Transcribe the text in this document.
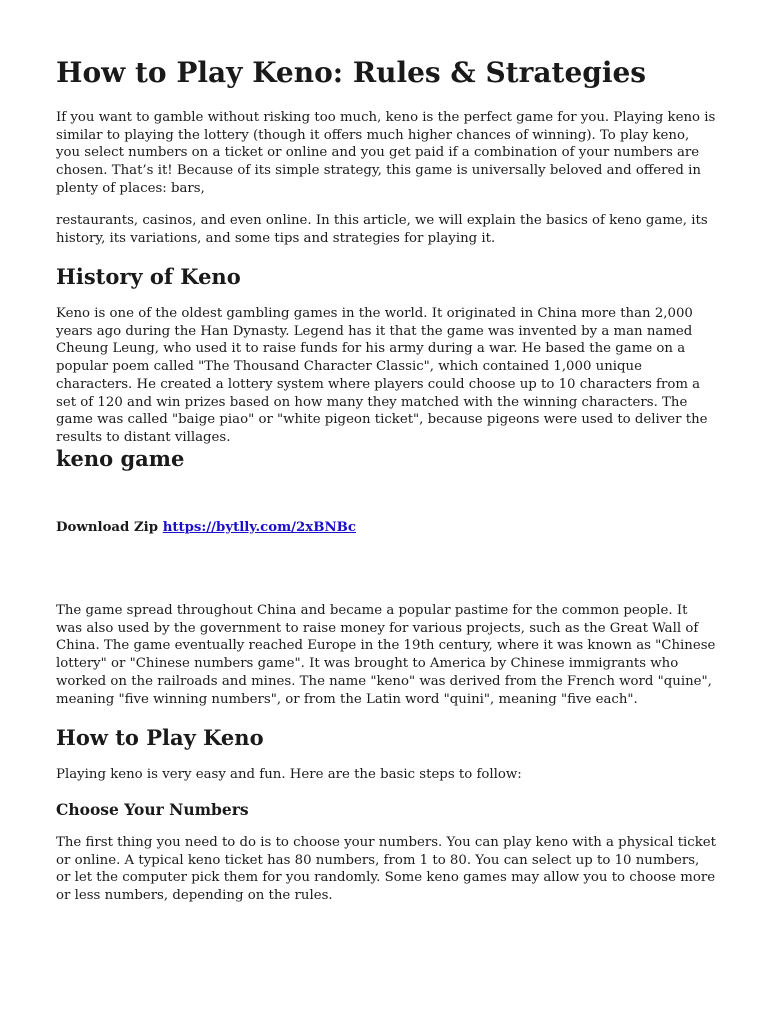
How to Play Keno: Rules & Strategies

If you want to gamble without risking too much, keno is the perfect game for you. Playing keno is similar to playing the lottery (though it offers much higher chances of winning). To play keno, you select numbers on a ticket or online and you get paid if a combination of your numbers are chosen. That’s it! Because of its simple strategy, this game is universally beloved and offered in plenty of places: bars,

restaurants, casinos, and even online. In this article, we will explain the basics of keno game, its history, its variations, and some tips and strategies for playing it.

History of Keno

Keno is one of the oldest gambling games in the world. It originated in China more than 2,000 years ago during the Han Dynasty. Legend has it that the game was invented by a man named Cheung Leung, who used it to raise funds for his army during a war. He based the game on a popular poem called "The Thousand Character Classic", which contained 1,000 unique characters. He created a lottery system where players could choose up to 10 characters from a set of 120 and win prizes based on how many they matched with the winning characters. The game was called "baige piao" or "white pigeon ticket", because pigeons were used to deliver the results to distant villages.

keno game
Download Zip https://bytlly.com/2xBNBc

The game spread throughout China and became a popular pastime for the common people. It was also used by the government to raise money for various projects, such as the Great Wall of China. The game eventually reached Europe in the 19th century, where it was known as "Chinese lottery" or "Chinese numbers game". It was brought to America by Chinese immigrants who worked on the railroads and mines. The name "keno" was derived from the French word "quine", meaning "five winning numbers", or from the Latin word "quini", meaning "five each".

How to Play Keno

Playing keno is very easy and fun. Here are the basic steps to follow:

Choose Your Numbers

The first thing you need to do is to choose your numbers. You can play keno with a physical ticket or online. A typical keno ticket has 80 numbers, from 1 to 80. You can select up to 10 numbers, or let the computer pick them for you randomly. Some keno games may allow you to choose more or less numbers, depending on the rules.
